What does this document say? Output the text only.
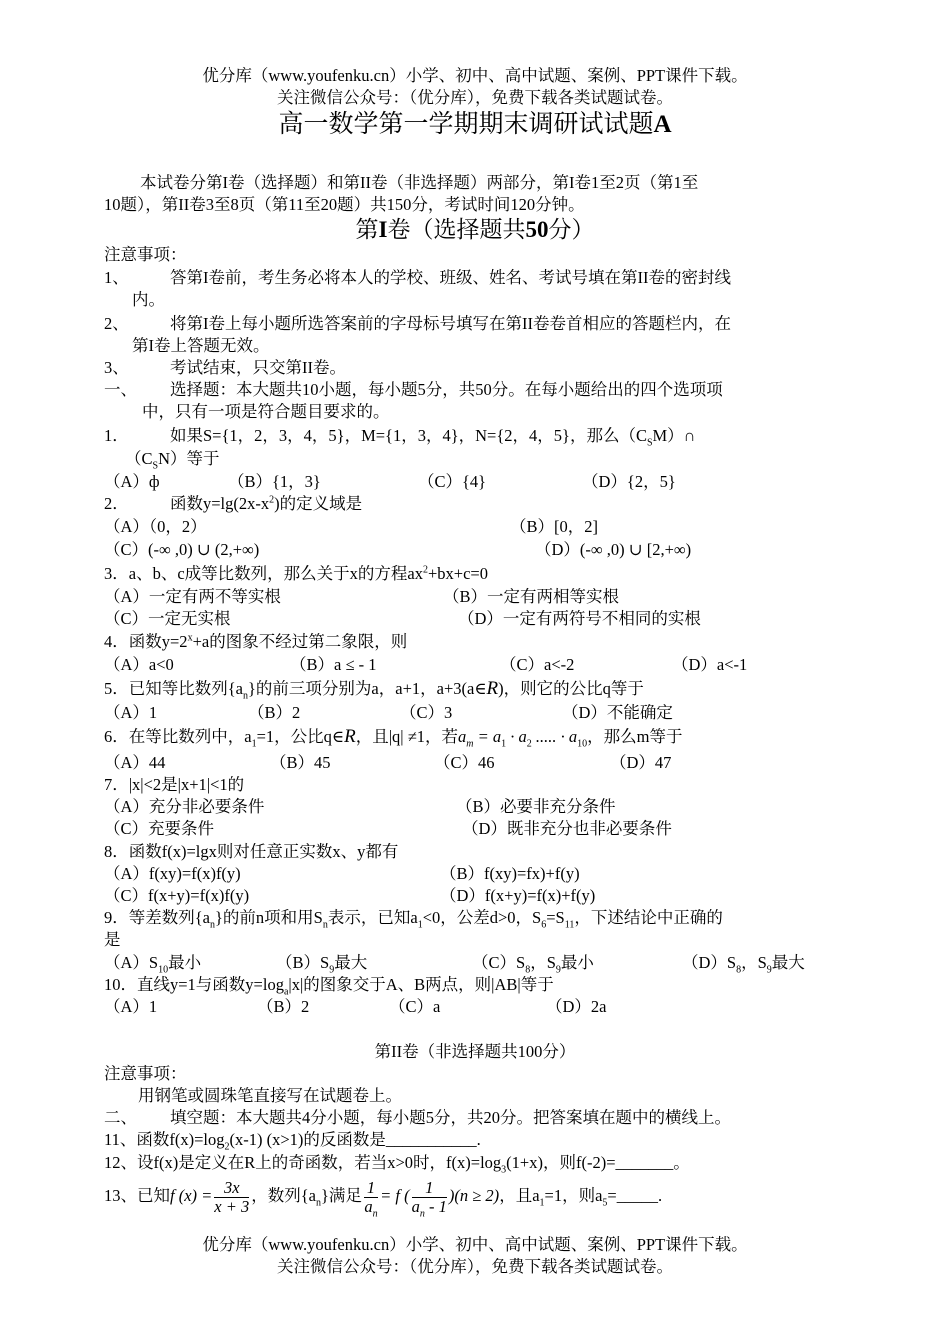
优分库（www.youfenku.cn）小学、初中、高中试题、案例、PPT课件下载。
关注微信公众号：（优分库），免费下载各类试题试卷。
高一数学第一学期期末调研试试题A
本试卷分第I卷（选择题）和第II卷（非选择题）两部分，第I卷1至2页（第1至
10题），第II卷3至8页（第11至20题）共150分，考试时间120分钟。
第I卷（选择题共50分）
注意事项：
1、	答第I卷前，考生务必将本人的学校、班级、姓名、考试号填在第II卷的密封线
内。
2、	将第I卷上每小题所选答案前的字母标号填写在第II卷卷首相应的答题栏内，在
第I卷上答题无效。
3、	考试结束，只交第II卷。
一、 选择题：本大题共10小题，每小题5分，共50分。在每小题给出的四个选项项
中，只有一项是符合题目要求的。
1．	如果S={1，2，3，4，5}，M={1，3，4}，N={2，4，5}，那么$(C_SM)\cap$
$(C_SN)$等于
（A）ф	（B）{1，3}	（C）{4}	（D）{2，5}
2．	函数$y=\lg(2x-x^2)$的定义域是
（A）（0，2）	（B）[0，2]
（C）(-∞ ,0) ∪ (2,+∞)	（D）(-∞ ,0) ∪ [2,+∞)
3．a、b、c成等比数列，那么关于x的方程$ax^2+bx+c=0$
（A）一定有两不等实根	（B）一定有两相等实根
（C）一定无实根	（D）一定有两符号不相同的实根
4．函数$y=2^x+a$的图象不经过第二象限，则
（A）a<0	（B）a ≤ - 1	（C）a<-2	（D）a<-1
5．已知等比数列$\{a_n\}$的前三项分别为a，a+1，a+3(a∈R)，则它的公比q等于
（A）1	（B）2	（C）3	（D）不能确定
6．在等比数列中，$a_1=1$，公比q∈R，且|q| ≠1，若$a_m = a_1 \cdot a_2$ ..... · $a_{10}$，那么m等于
（A）44	（B）45	（C）46	（D）47
7．|x|<2是|x+1|<1的
（A）充分非必要条件	（B）必要非充分条件
（C）充要条件	（D）既非充分也非必要条件
8．函数f(x)=lgx则对任意正实数x、y都有
（A）f(xy)=f(x)f(y)	（B）f(xy)=fx)+f(y)
（C）f(x+y)=f(x)f(y)	（D）f(x+y)=f(x)+f(y)
9．等差数列$\{a_n\}$的前n项和用$S_n$表示，已知$a_1<0$，公差d>0，$S_6=S_{11}$，下述结论中正确的
是
$(A)S_{10}$最小	$(B)S_9$最大	$(C)S_8$，$S_9$最小	$(D)S_8$，$S_9$最大
10．直线y=1与函数$y=\log_a|x|$的图象交于A、B两点，则|AB|等于
（A）1	（B）2	（C）a	（D）2a
第II卷（非选择题共100分）
注意事项：
用钢笔或圆珠笔直接写在试题卷上。
二、 填空题：本大题共4分小题，每小题5分，共20分。把答案填在题中的横线上。
11、函数$f(x)=\log_2(x-1)$ (x>1)的反函数是___________.
12、设f(x)是定义在R上的奇函数，若当x>0时，$f(x)=\log_3(1+x)$，则f(-2)=_______。
13、已知f $(x) = \frac{3x}{x + 3}$ ，数列$\{a_n\}$满足 $\frac{1}{a_n} = f$ ( $\frac{1}{a_n - 1} )(n \ge 2)$，且$a_1=1$，则$a_5=\_\_\_\_\_$.
优分库（www.youfenku.cn）小学、初中、高中试题、案例、PPT课件下载。
关注微信公众号：（优分库），免费下载各类试题试卷。
